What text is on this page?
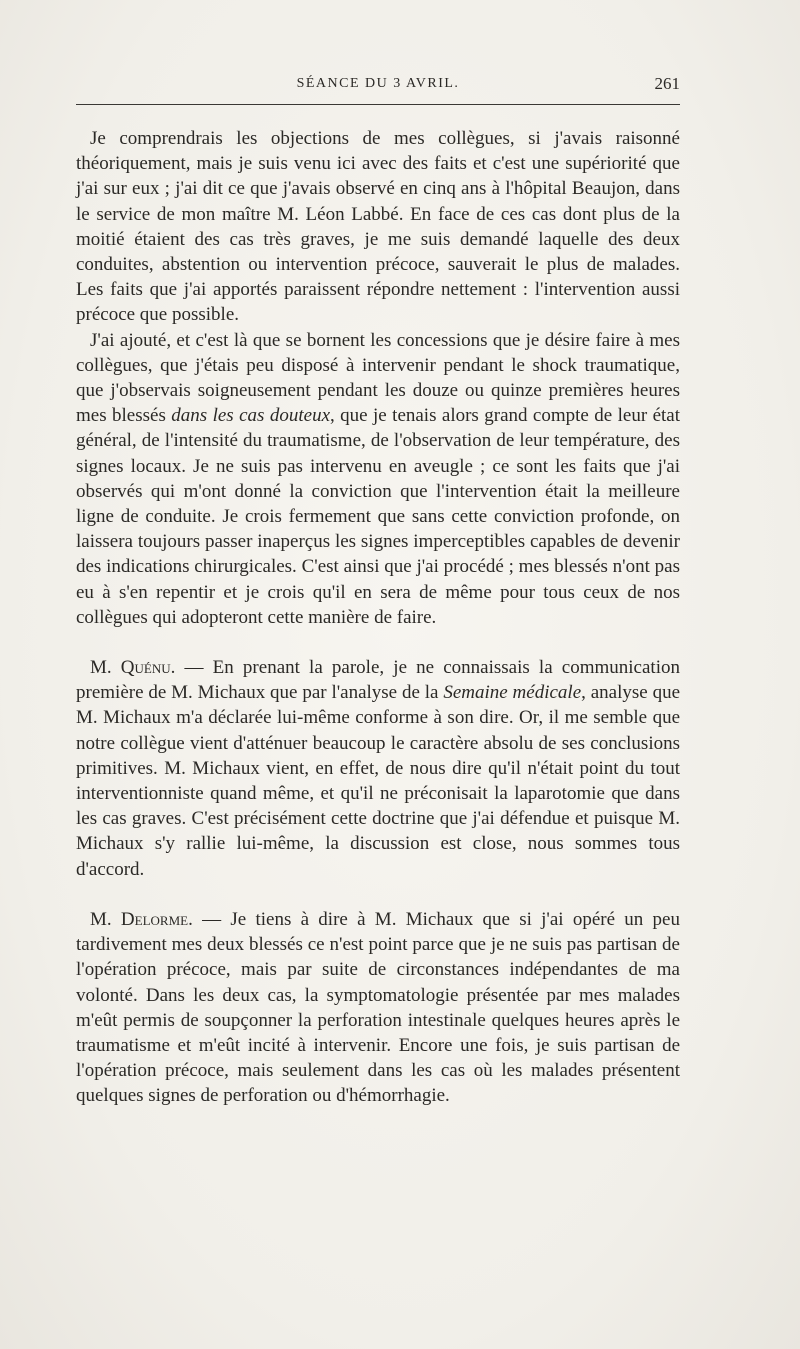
SÉANCE DU 3 AVRIL.	261

Je comprendrais les objections de mes collègues, si j'avais raisonné théoriquement, mais je suis venu ici avec des faits et c'est une supériorité que j'ai sur eux ; j'ai dit ce que j'avais observé en cinq ans à l'hôpital Beaujon, dans le service de mon maître M. Léon Labbé. En face de ces cas dont plus de la moitié étaient des cas très graves, je me suis demandé laquelle des deux conduites, abstention ou intervention précoce, sauverait le plus de malades. Les faits que j'ai apportés paraissent répondre nettement : l'intervention aussi précoce que possible.

J'ai ajouté, et c'est là que se bornent les concessions que je désire faire à mes collègues, que j'étais peu disposé à intervenir pendant le shock traumatique, que j'observais soigneusement pendant les douze ou quinze premières heures mes blessés dans les cas douteux, que je tenais alors grand compte de leur état général, de l'intensité du traumatisme, de l'observation de leur température, des signes locaux. Je ne suis pas intervenu en aveugle ; ce sont les faits que j'ai observés qui m'ont donné la conviction que l'intervention était la meilleure ligne de conduite. Je crois fermement que sans cette conviction profonde, on laissera toujours passer inaperçus les signes imperceptibles capables de devenir des indications chirurgicales. C'est ainsi que j'ai procédé ; mes blessés n'ont pas eu à s'en repentir et je crois qu'il en sera de même pour tous ceux de nos collègues qui adopteront cette manière de faire.

M. Quénu. — En prenant la parole, je ne connaissais la communication première de M. Michaux que par l'analyse de la Semaine médicale, analyse que M. Michaux m'a déclarée lui-même conforme à son dire. Or, il me semble que notre collègue vient d'atténuer beaucoup le caractère absolu de ses conclusions primitives. M. Michaux vient, en effet, de nous dire qu'il n'était point du tout interventionniste quand même, et qu'il ne préconisait la laparotomie que dans les cas graves. C'est précisément cette doctrine que j'ai défendue et puisque M. Michaux s'y rallie lui-même, la discussion est close, nous sommes tous d'accord.

M. Delorme. — Je tiens à dire à M. Michaux que si j'ai opéré un peu tardivement mes deux blessés ce n'est point parce que je ne suis pas partisan de l'opération précoce, mais par suite de circonstances indépendantes de ma volonté. Dans les deux cas, la symptomatologie présentée par mes malades m'eût permis de soupçonner la perforation intestinale quelques heures après le traumatisme et m'eût incité à intervenir. Encore une fois, je suis partisan de l'opération précoce, mais seulement dans les cas où les malades présentent quelques signes de perforation ou d'hémorrhagie.
